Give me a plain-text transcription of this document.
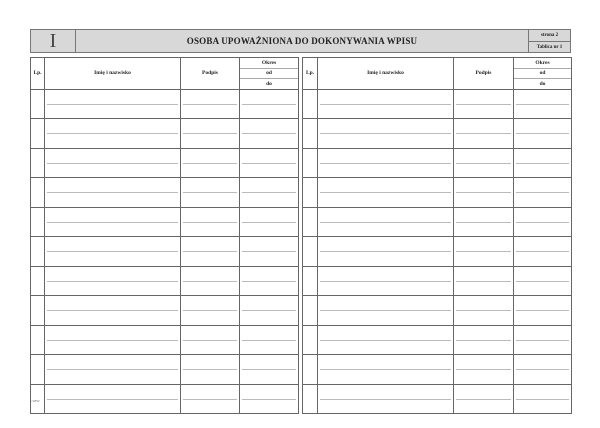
I	OSOBA UPOWAŻNIONA DO DOKONYWANIA WPISU
strona 2
Tablica nr 1
Lp.	Imię i nazwisko	Podpis	Okres
od
do

Lp.	Imię i nazwisko	Podpis	Okres
od
do

1/4FW
